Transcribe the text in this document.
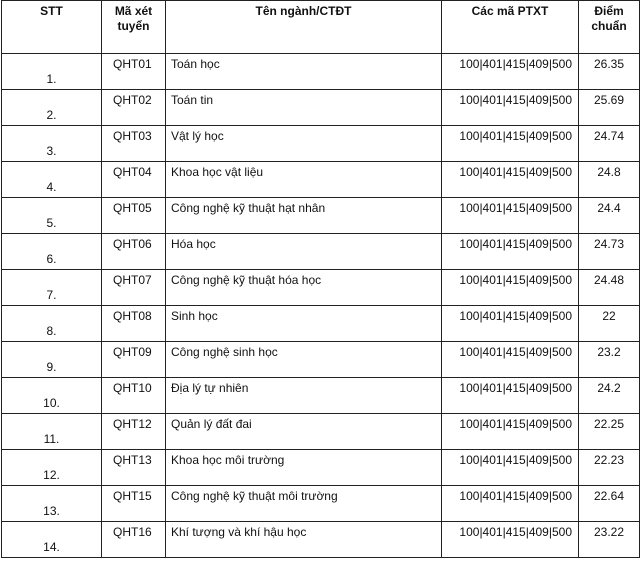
STT	Mã xét tuyển	Tên ngành/CTĐT	Các mã PTXT	Điểm chuẩn
1.	QHT01	Toán học	100|401|415|409|500	26.35
2.	QHT02	Toán tin	100|401|415|409|500	25.69
3.	QHT03	Vật lý học	100|401|415|409|500	24.74
4.	QHT04	Khoa học vật liệu	100|401|415|409|500	24.8
5.	QHT05	Công nghệ kỹ thuật hạt nhân	100|401|415|409|500	24.4
6.	QHT06	Hóa học	100|401|415|409|500	24.73
7.	QHT07	Công nghệ kỹ thuật hóa học	100|401|415|409|500	24.48
8.	QHT08	Sinh học	100|401|415|409|500	22
9.	QHT09	Công nghệ sinh học	100|401|415|409|500	23.2
10.	QHT10	Địa lý tự nhiên	100|401|415|409|500	24.2
11.	QHT12	Quản lý đất đai	100|401|415|409|500	22.25
12.	QHT13	Khoa học môi trường	100|401|415|409|500	22.23
13.	QHT15	Công nghệ kỹ thuật môi trường	100|401|415|409|500	22.64
14.	QHT16	Khí tượng và khí hậu học	100|401|415|409|500	23.22
